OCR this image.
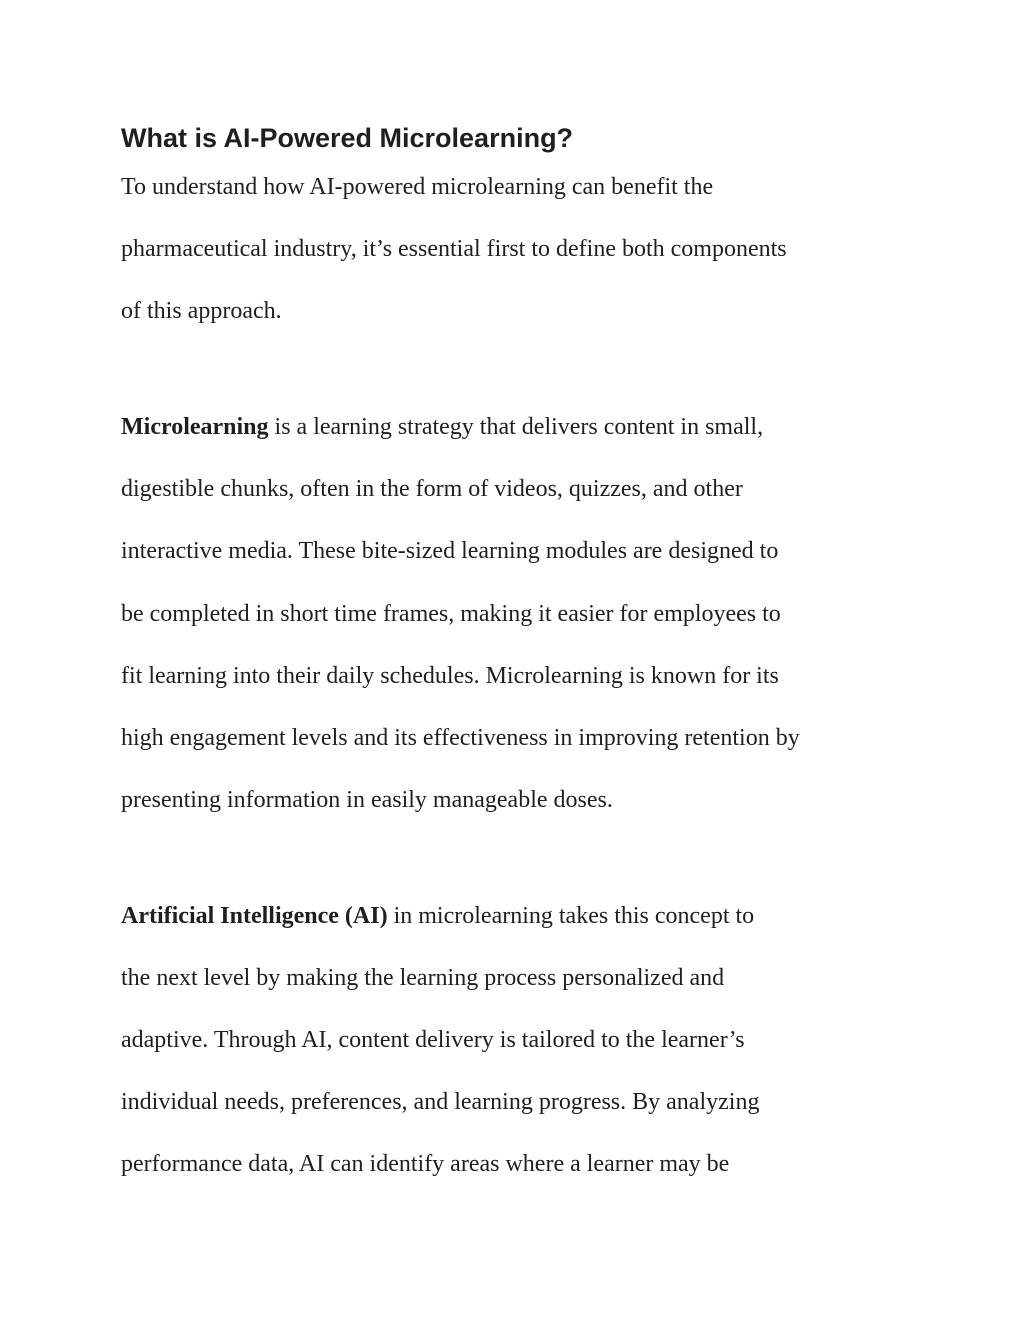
What is AI-Powered Microlearning?
To understand how AI-powered microlearning can benefit the
pharmaceutical industry, it’s essential first to define both components
of this approach.
Microlearning is a learning strategy that delivers content in small,
digestible chunks, often in the form of videos, quizzes, and other
interactive media. These bite-sized learning modules are designed to
be completed in short time frames, making it easier for employees to
fit learning into their daily schedules. Microlearning is known for its
high engagement levels and its effectiveness in improving retention by
presenting information in easily manageable doses.
Artificial Intelligence (AI) in microlearning takes this concept to
the next level by making the learning process personalized and
adaptive. Through AI, content delivery is tailored to the learner’s
individual needs, preferences, and learning progress. By analyzing
performance data, AI can identify areas where a learner may be
